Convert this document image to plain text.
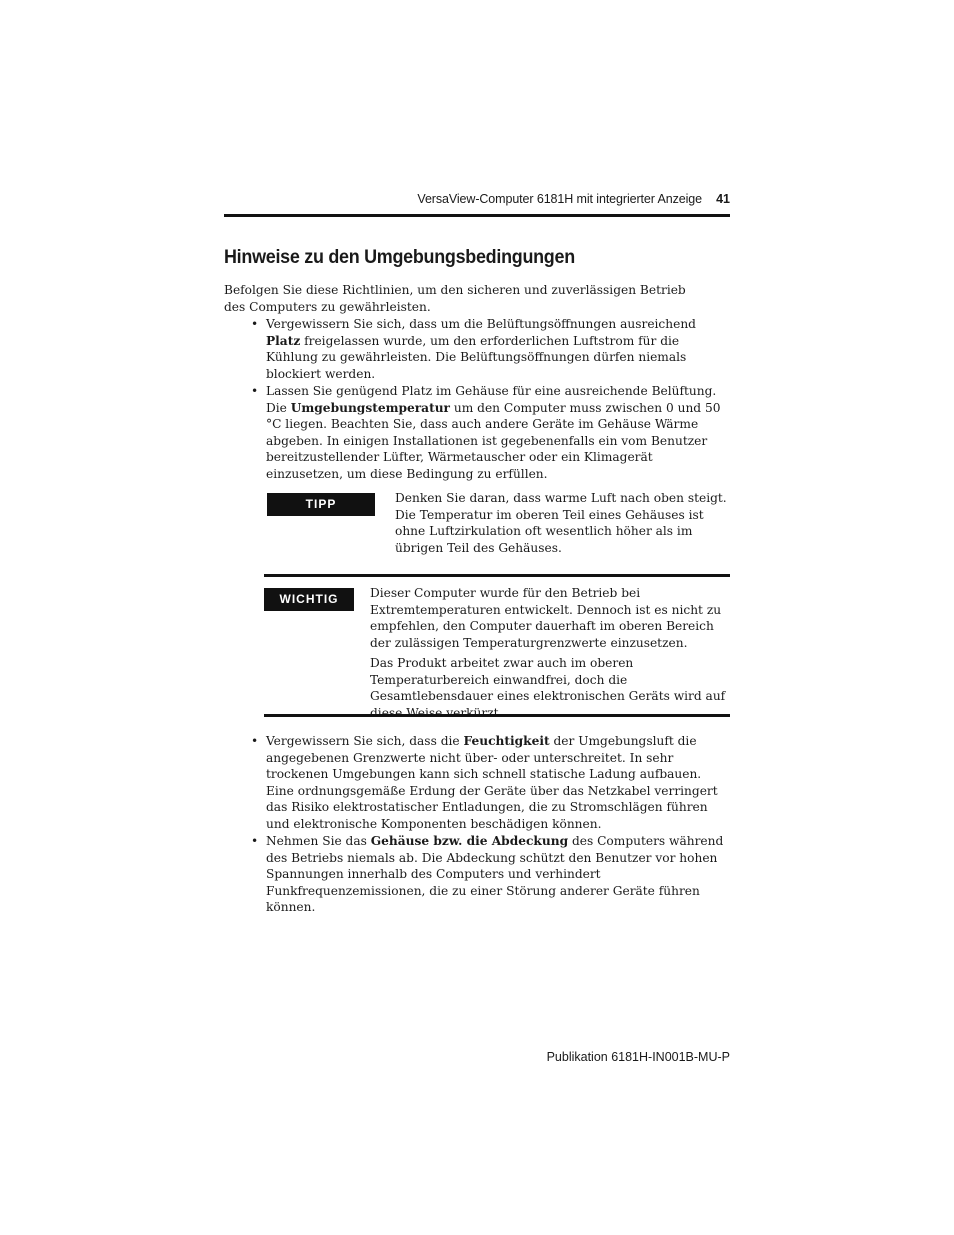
VersaView-Computer 6181H mit integrierter Anzeige 41
Hinweise zu den Umgebungsbedingungen

Befolgen Sie diese Richtlinien, um den sicheren und zuverlässigen Betrieb des Computers zu gewährleisten.

• Vergewissern Sie sich, dass um die Belüftungsöffnungen ausreichend Platz freigelassen wurde, um den erforderlichen Luftstrom für die Kühlung zu gewährleisten. Die Belüftungsöffnungen dürfen niemals blockiert werden.
• Lassen Sie genügend Platz im Gehäuse für eine ausreichende Belüftung. Die Umgebungstemperatur um den Computer muss zwischen 0 und 50 °C liegen. Beachten Sie, dass auch andere Geräte im Gehäuse Wärme abgeben. In einigen Installationen ist gegebenenfalls ein vom Benutzer bereitzustellender Lüfter, Wärmetauscher oder ein Klimagerät einzusetzen, um diese Bedingung zu erfüllen.
TIPP	Denken Sie daran, dass warme Luft nach oben steigt. Die Temperatur im oberen Teil eines Gehäuses ist ohne Luftzirkulation oft wesentlich höher als im übrigen Teil des Gehäuses.

WICHTIG	Dieser Computer wurde für den Betrieb bei Extremtemperaturen entwickelt. Dennoch ist es nicht zu empfehlen, den Computer dauerhaft im oberen Bereich der zulässigen Temperaturgrenzwerte einzusetzen.

Das Produkt arbeitet zwar auch im oberen Temperaturbereich einwandfrei, doch die Gesamtlebensdauer eines elektronischen Geräts wird auf diese Weise verkürzt.

• Vergewissern Sie sich, dass die Feuchtigkeit der Umgebungsluft die angegebenen Grenzwerte nicht über- oder unterschreitet. In sehr trockenen Umgebungen kann sich schnell statische Ladung aufbauen. Eine ordnungsgemäße Erdung der Geräte über das Netzkabel verringert das Risiko elektrostatischer Entladungen, die zu Stromschlägen führen und elektronische Komponenten beschädigen können.
• Nehmen Sie das Gehäuse bzw. die Abdeckung des Computers während des Betriebs niemals ab. Die Abdeckung schützt den Benutzer vor hohen Spannungen innerhalb des Computers und verhindert Funkfrequenzemissionen, die zu einer Störung anderer Geräte führen können.
Publikation 6181H-IN001B-MU-P
